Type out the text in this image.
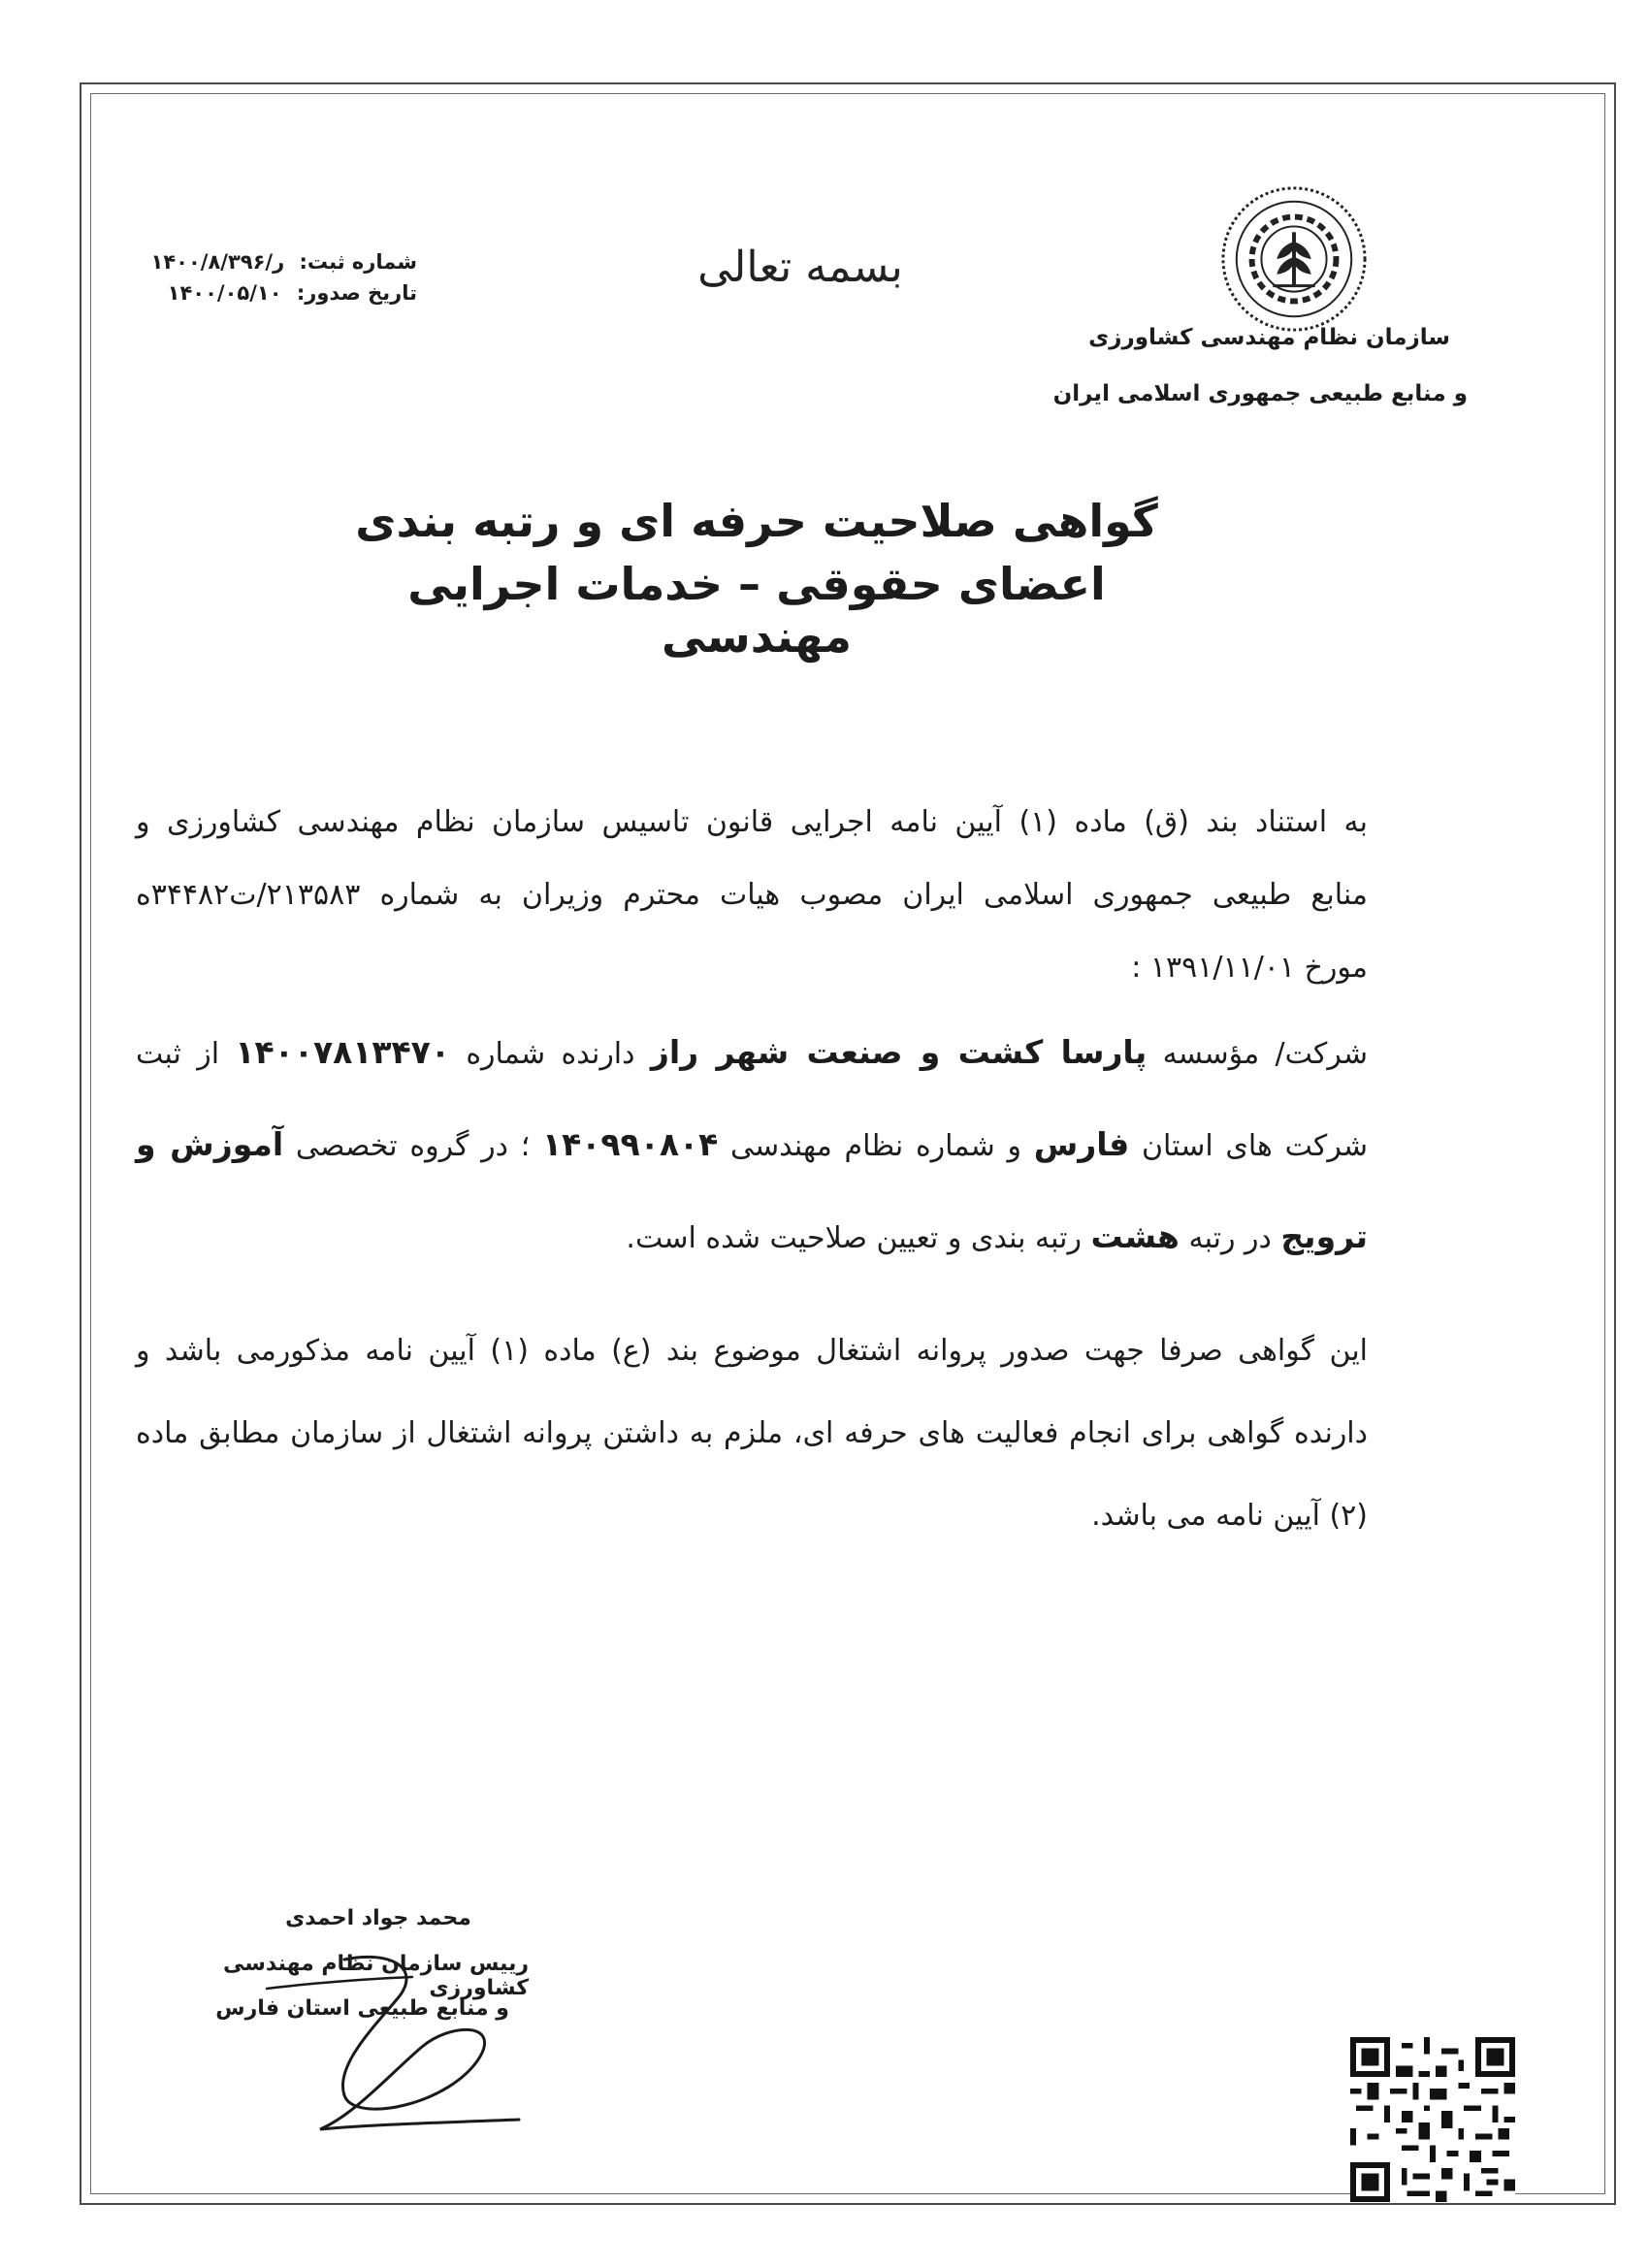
بسمه تعالی
سازمان نظام مهندسی کشاورزی
و منابع طبیعی جمهوری اسلامی ایران
شماره ثبت: ر/۱۴۰۰/۸/۳۹۶
تاریخ صدور: ۱۴۰۰/۰۵/۱۰
گواهی صلاحیت حرفه ای و رتبه بندی
اعضای حقوقی – خدمات اجرایی مهندسی
به استناد بند (ق) ماده (۱) آیین نامه اجرایی قانون تاسیس سازمان نظام مهندسی کشاورزی و
منابع طبیعی جمهوری اسلامی ایران مصوب هیات محترم وزیران به شماره ۲۱۳۵۸۳/ت۳۴۴۸۲ه
مورخ ۱۳۹۱/۱۱/۰۱ :
شرکت/ مؤسسه پارسا کشت و صنعت شهر راز دارنده شماره ۱۴۰۰۷۸۱۳۴۷۰ از ثبت
شرکت های استان فارس و شماره نظام مهندسی ۱۴۰۹۹۰۸۰۴ ؛ در گروه تخصصی آموزش و
ترویج در رتبه هشت رتبه بندی و تعیین صلاحیت شده است.
این گواهی صرفا جهت صدور پروانه اشتغال موضوع بند (ع) ماده (۱) آیین نامه مذکورمی باشد و
دارنده گواهی برای انجام فعالیت های حرفه ای، ملزم به داشتن پروانه اشتغال از سازمان مطابق ماده
(۲) آیین نامه می باشد.
محمد جواد احمدی
رییس سازمان نظام مهندسی کشاورزی
و منابع طبیعی استان فارس
